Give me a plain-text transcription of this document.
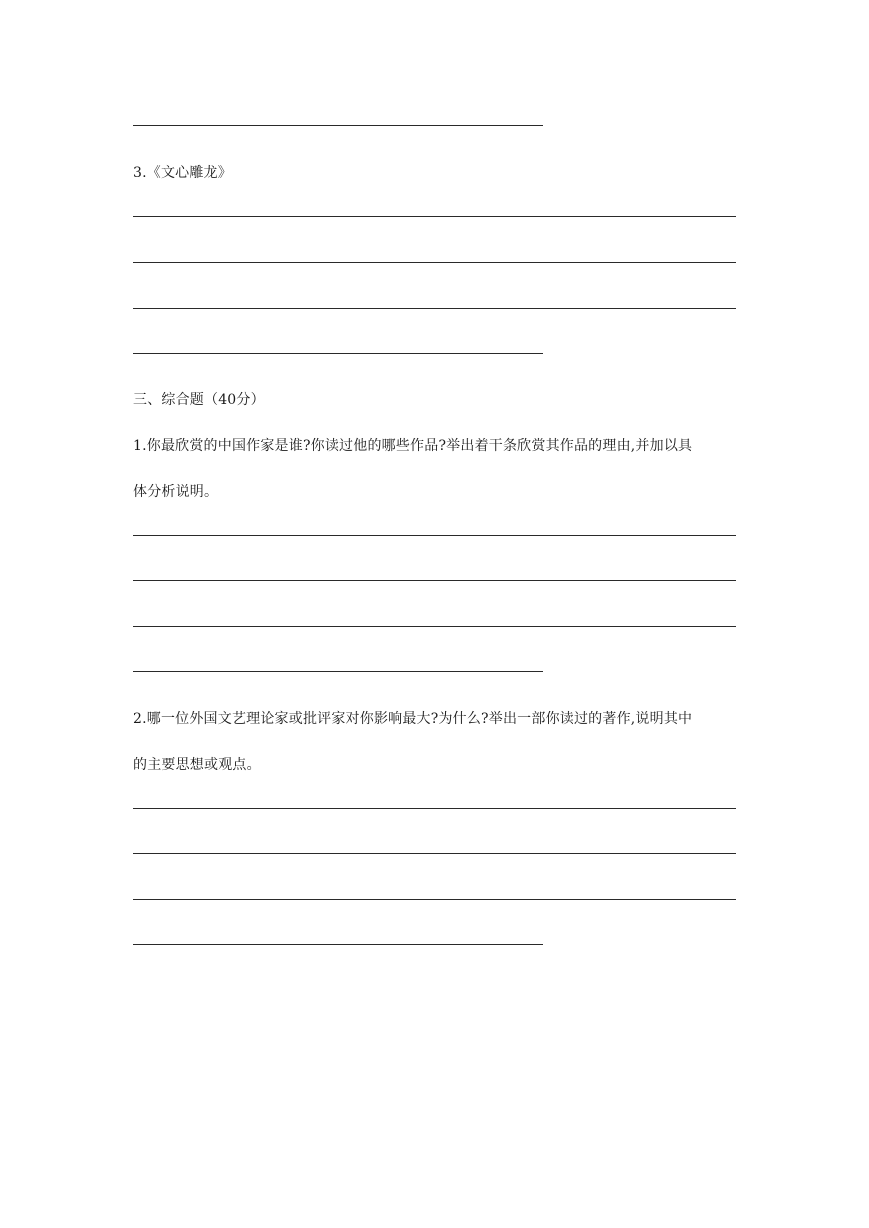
3.《文心雕龙》
三、综合题（40分）
1.你最欣赏的中国作家是谁?你读过他的哪些作品?举出着干条欣赏其作品的理由,并加以具
体分析说明。
2.哪一位外国文艺理论家或批评家对你影响最大?为什么?举出一部你读过的著作,说明其中
的主要思想或观点。
